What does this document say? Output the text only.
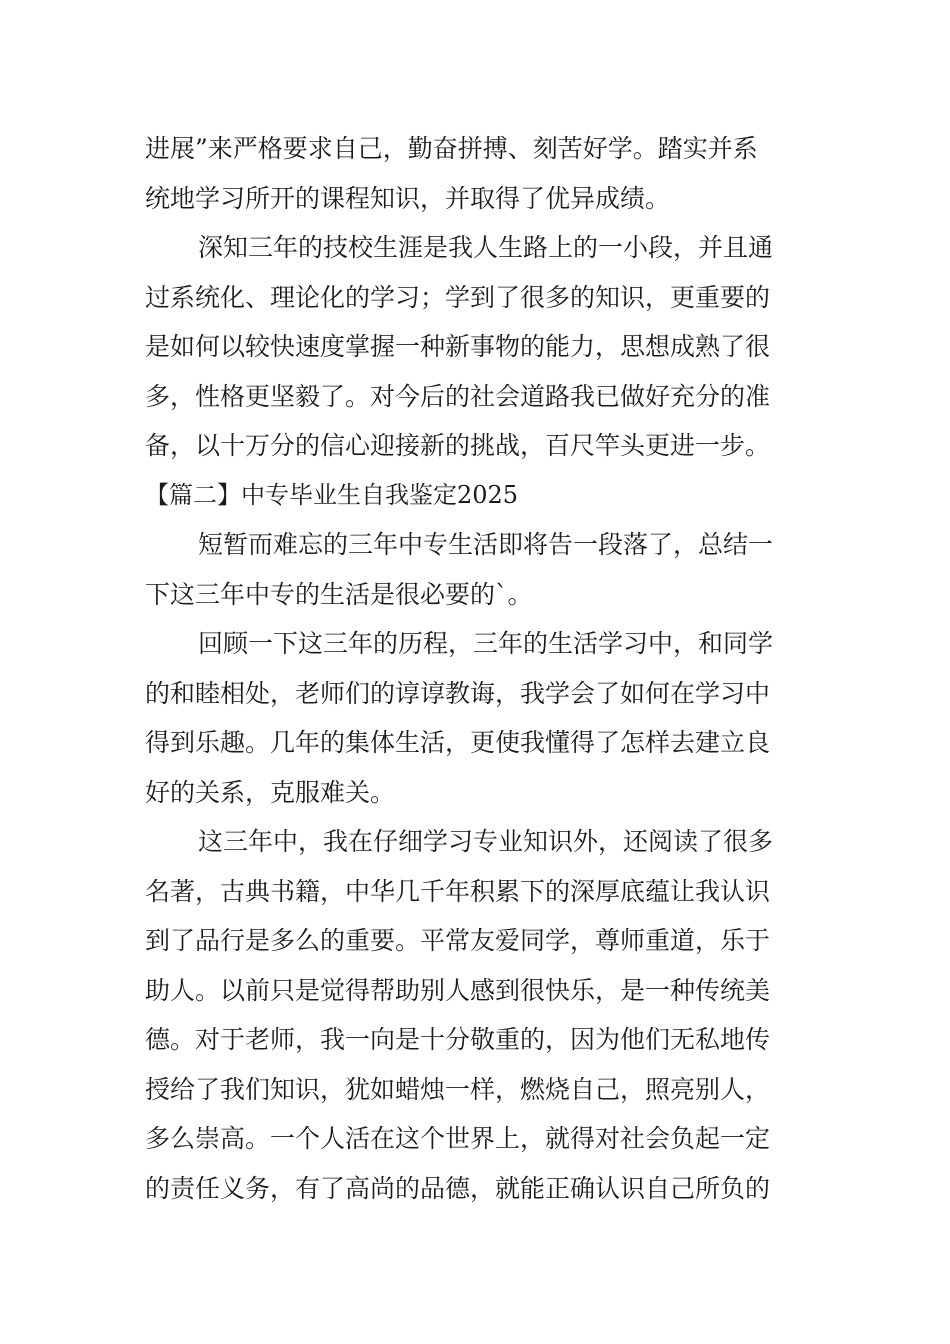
进展”来严格要求自己，勤奋拼搏、刻苦好学。踏实并系
统地学习所开的课程知识，并取得了优异成绩。
深知三年的技校生涯是我人生路上的一小段，并且通
过系统化、理论化的学习；学到了很多的知识，更重要的
是如何以较快速度掌握一种新事物的能力，思想成熟了很
多，性格更坚毅了。对今后的社会道路我已做好充分的准
备，以十万分的信心迎接新的挑战，百尺竿头更进一步。
【篇二】中专毕业生自我鉴定2025
短暂而难忘的三年中专生活即将告一段落了，总结一
下这三年中专的生活是很必要的`。
回顾一下这三年的历程，三年的生活学习中，和同学
的和睦相处，老师们的谆谆教诲，我学会了如何在学习中
得到乐趣。几年的集体生活，更使我懂得了怎样去建立良
好的关系，克服难关。
这三年中，我在仔细学习专业知识外，还阅读了很多
名著，古典书籍，中华几千年积累下的深厚底蕴让我认识
到了品行是多么的重要。平常友爱同学，尊师重道，乐于
助人。以前只是觉得帮助别人感到很快乐，是一种传统美
德。对于老师，我一向是十分敬重的，因为他们无私地传
授给了我们知识，犹如蜡烛一样，燃烧自己，照亮别人，
多么崇高。一个人活在这个世界上，就得对社会负起一定
的责任义务，有了高尚的品德，就能正确认识自己所负的
